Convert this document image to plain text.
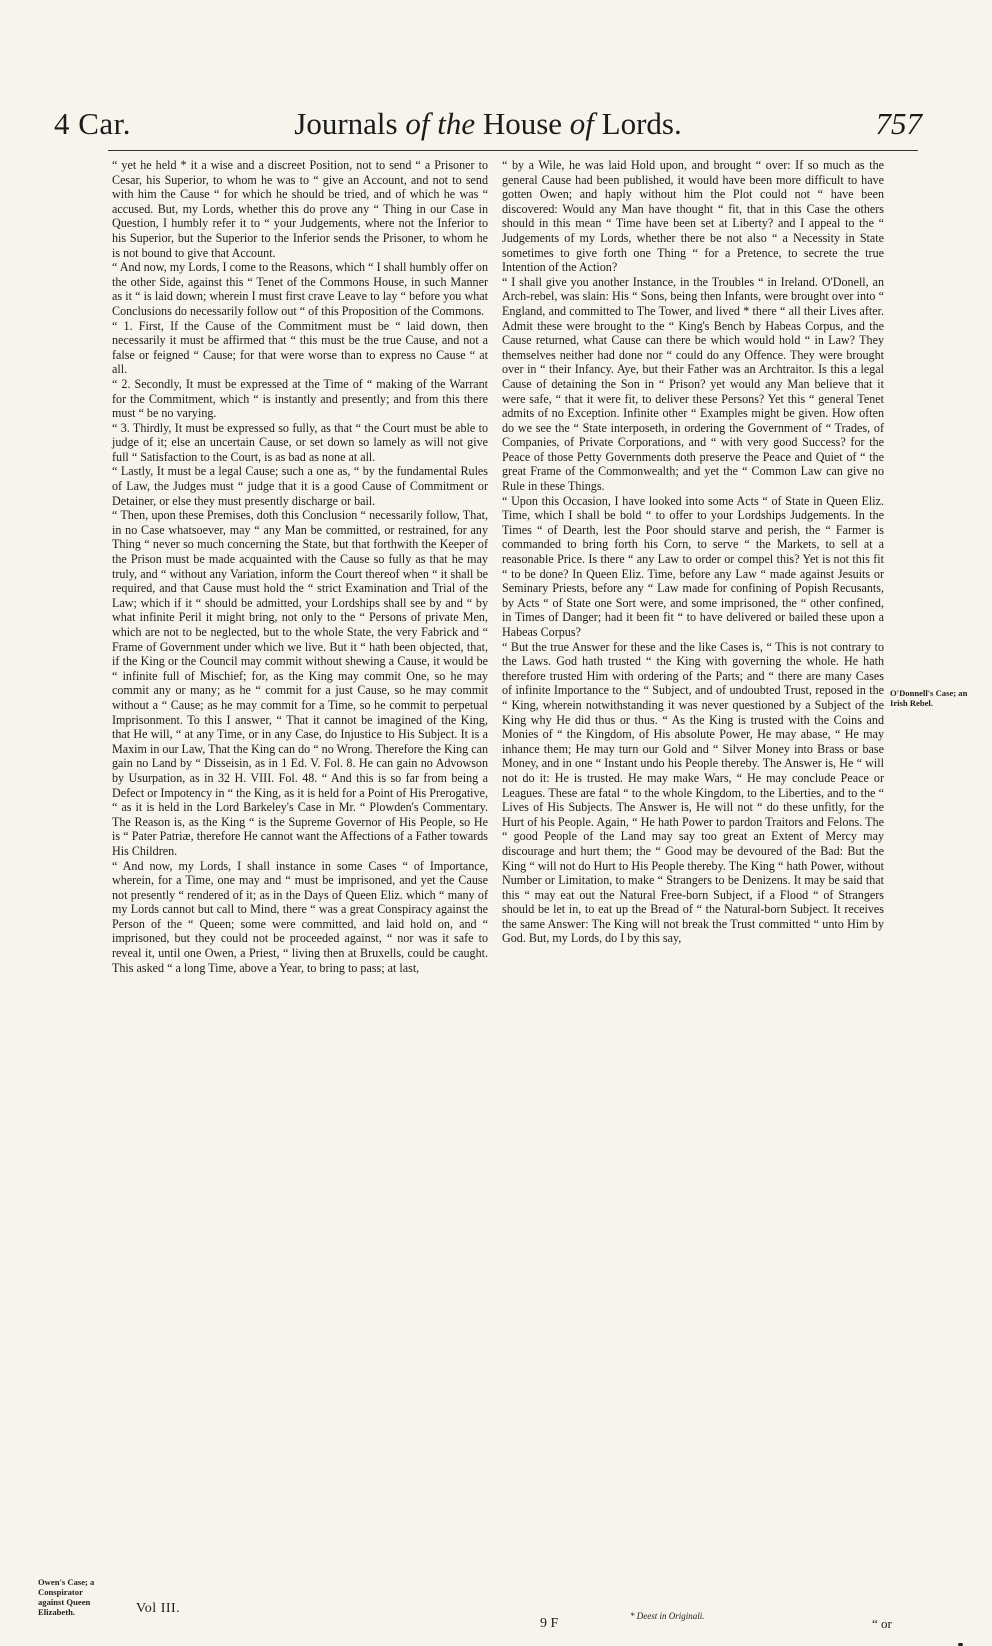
4 Car.	Journals of the House of Lords.	757

“ yet he held * it a wise and a discreet Position, not to send “ a Prisoner to Cesar, his Superior, to whom he was to “ give an Account, and not to send with him the Cause “ for which he should be tried, and of which he was “ accused. But, my Lords, whether this do prove any “ Thing in our Case in Question, I humbly refer it to “ your Judgements, where not the Inferior to his Superior, but the Superior to the Inferior sends the Prisoner, to whom he is not bound to give that Account.

“ And now, my Lords, I come to the Reasons, which “ I shall humbly offer on the other Side, against this “ Tenet of the Commons House, in such Manner as it “ is laid down; wherein I must first crave Leave to lay “ before you what Conclusions do necessarily follow out “ of this Proposition of the Commons.

“ 1. First, If the Cause of the Commitment must be “ laid down, then necessarily it must be affirmed that “ this must be the true Cause, and not a false or feigned “ Cause; for that were worse than to express no Cause “ at all.

“ 2. Secondly, It must be expressed at the Time of “ making of the Warrant for the Commitment, which “ is instantly and presently; and from this there must “ be no varying.

“ 3. Thirdly, It must be expressed so fully, as that “ the Court must be able to judge of it; else an uncertain Cause, or set down so lamely as will not give full “ Satisfaction to the Court, is as bad as none at all.

“ Lastly, It must be a legal Cause; such a one as, “ by the fundamental Rules of Law, the Judges must “ judge that it is a good Cause of Commitment or Detainer, or else they must presently discharge or bail.

“ Then, upon these Premises, doth this Conclusion “ necessarily follow, That, in no Case whatsoever, may “ any Man be committed, or restrained, for any Thing “ never so much concerning the State, but that forthwith the Keeper of the Prison must be made acquainted with the Cause so fully as that he may truly, and “ without any Variation, inform the Court thereof when “ it shall be required, and that Cause must hold the “ strict Examination and Trial of the Law; which if it “ should be admitted, your Lordships shall see by and “ by what infinite Peril it might bring, not only to the “ Persons of private Men, which are not to be neglected, but to the whole State, the very Fabrick and “ Frame of Government under which we live. But it “ hath been objected, that, if the King or the Council may commit without shewing a Cause, it would be “ infinite full of Mischief; for, as the King may commit One, so he may commit any or many; as he “ commit for a just Cause, so he may commit without a “ Cause; as he may commit for a Time, so he commit to perpetual Imprisonment. To this I answer, “ That it cannot be imagined of the King, that He will, “ at any Time, or in any Case, do Injustice to His Subject. It is a Maxim in our Law, That the King can do “ no Wrong. Therefore the King can gain no Land by “ Disseisin, as in 1 Ed. V. Fol. 8. He can gain no Advowson by Usurpation, as in 32 H. VIII. Fol. 48. “ And this is so far from being a Defect or Impotency in “ the King, as it is held for a Point of His Prerogative, “ as it is held in the Lord Barkeley's Case in Mr. “ Plowden's Commentary. The Reason is, as the King “ is the Supreme Governor of His People, so He is “ Pater Patriæ, therefore He cannot want the Affections of a Father towards His Children.

“ And now, my Lords, I shall instance in some Cases “ of Importance, wherein, for a Time, one may and “ must be imprisoned, and yet the Cause not presently “ rendered of it; as in the Days of Queen Eliz. which “ many of my Lords cannot but call to Mind, there “ was a great Conspiracy against the Person of the “ Queen; some were committed, and laid hold on, and “ imprisoned, but they could not be proceeded against, “ nor was it safe to reveal it, until one Owen, a Priest, “ living then at Bruxells, could be caught. This asked “ a long Time, above a Year, to bring to pass; at last,

“ by a Wile, he was laid Hold upon, and brought “ over: If so much as the general Cause had been published, it would have been more difficult to have gotten Owen; and haply without him the Plot could not “ have been discovered: Would any Man have thought “ fit, that in this Case the others should in this mean “ Time have been set at Liberty? and I appeal to the “ Judgements of my Lords, whether there be not also “ a Necessity in State sometimes to give forth one Thing “ for a Pretence, to secrete the true Intention of the Action?

“ I shall give you another Instance, in the Troubles “ in Ireland. O'Donell, an Arch-rebel, was slain: His “ Sons, being then Infants, were brought over into “ England, and committed to The Tower, and lived * there “ all their Lives after. Admit these were brought to the “ King's Bench by Habeas Corpus, and the Cause returned, what Cause can there be which would hold “ in Law? They themselves neither had done nor “ could do any Offence. They were brought over in “ their Infancy. Aye, but their Father was an Archtraitor. Is this a legal Cause of detaining the Son in “ Prison? yet would any Man believe that it were safe, “ that it were fit, to deliver these Persons? Yet this “ general Tenet admits of no Exception. Infinite other “ Examples might be given. How often do we see the “ State interposeth, in ordering the Government of “ Trades, of Companies, of Private Corporations, and “ with very good Success? for the Peace of those Petty Governments doth preserve the Peace and Quiet of “ the great Frame of the Commonwealth; and yet the “ Common Law can give no Rule in these Things.

“ Upon this Occasion, I have looked into some Acts “ of State in Queen Eliz. Time, which I shall be bold “ to offer to your Lordships Judgements. In the Times “ of Dearth, lest the Poor should starve and perish, the “ Farmer is commanded to bring forth his Corn, to serve “ the Markets, to sell at a reasonable Price. Is there “ any Law to order or compel this? Yet is not this fit “ to be done? In Queen Eliz. Time, before any Law “ made against Jesuits or Seminary Priests, before any “ Law made for confining of Popish Recusants, by Acts “ of State one Sort were, and some imprisoned, the “ other confined, in Times of Danger; had it been fit “ to have delivered or bailed these upon a Habeas Corpus?

“ But the true Answer for these and the like Cases is, “ This is not contrary to the Laws. God hath trusted “ the King with governing the whole. He hath therefore trusted Him with ordering of the Parts; and “ there are many Cases of infinite Importance to the “ Subject, and of undoubted Trust, reposed in the “ King, wherein notwithstanding it was never questioned by a Subject of the King why He did thus or thus. “ As the King is trusted with the Coins and Monies of “ the Kingdom, of His absolute Power, He may abase, “ He may inhance them; He may turn our Gold and “ Silver Money into Brass or base Money, and in one “ Instant undo his People thereby. The Answer is, He “ will not do it: He is trusted. He may make Wars, “ He may conclude Peace or Leagues. These are fatal “ to the whole Kingdom, to the Liberties, and to the “ Lives of His Subjects. The Answer is, He will not “ do these unfitly, for the Hurt of his People. Again, “ He hath Power to pardon Traitors and Felons. The “ good People of the Land may say too great an Extent of Mercy may discourage and hurt them; the “ Good may be devoured of the Bad: But the King “ will not do Hurt to His People thereby. The King “ hath Power, without Number or Limitation, to make “ Strangers to be Denizens. It may be said that this “ may eat out the Natural Free-born Subject, if a Flood “ of Strangers should be let in, to eat up the Bread of “ the Natural-born Subject. It receives the same Answer: The King will not break the Trust committed “ unto Him by God. But, my Lords, do I by this say,

Owen's Case; a Conspirator against Queen Elizabeth.
O'Donnell's Case; an Irish Rebel.
Vol III.
9 F	* Deest in Originali.	“ or
